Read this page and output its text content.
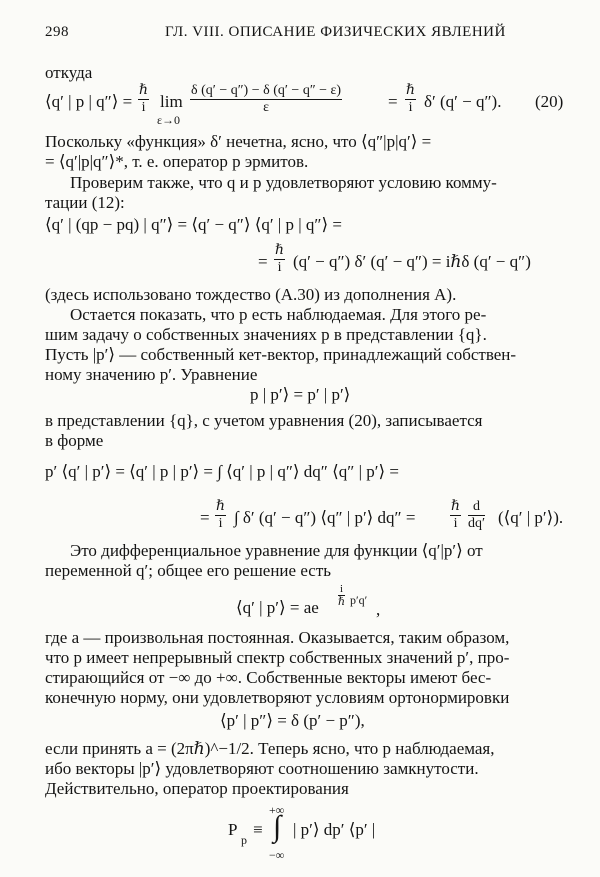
298	ГЛ. VIII. ОПИСАНИЕ ФИЗИЧЕСКИХ ЯВЛЕНИЙ
откуда
⟨q′ | p | q″⟩ = $\frac{\text{ℏ}}{i}$ lim
ε→0
$\frac{\delta (q' - q'') - \delta (q' - q'' - \varepsilon)}{\varepsilon}$	= $\frac{\text{ℏ}}{i} \delta'$ (q′ − q″). (20)
Поскольку «функция» δ′ нечетна, ясно, что ⟨q″|p|q′⟩ =
= ⟨q′|p|q″⟩*, т. е. оператор p эрмитов.
Проверим также, что q и p удовлетворяют условию комму-
тации (12):
⟨q′ | (qp − pq) | q″⟩ = ⟨q′ − q″⟩ ⟨q′ | p | q″⟩ =
= $\frac{\text{ℏ}}{i} (q' - q'')$ δ′ (q′ − q″) = iℏδ (q′ − q″)
(здесь использовано тождество (A.30) из дополнения A).
Остается показать, что p есть наблюдаемая. Для этого ре-
шим задачу о собственных значениях p в представлении {q}.
Пусть |p′⟩ — собственный кет-вектор, принадлежащий собствен-
ному значению p′. Уравнение
p | p′⟩ = p′ | p′⟩
в представлении {q}, с учетом уравнения (20), записывается
в форме
p′ ⟨q′ | p′⟩ = ⟨q′ | p | p′⟩ = ∫ ⟨q′ | p | q″⟩ dq″ ⟨q″ | p′⟩ =
= $\frac{\text{ℏ}}{i}$ ∫ δ′ (q′ − q″) ⟨q″ | p′⟩ $dq'' = \frac{\text{ℏ}}{i} \frac{d}{dq'}$ (⟨q′ | p′⟩).
Это дифференциальное уравнение для функции ⟨q′|p′⟩ от
переменной q′; общее его решение есть
⟨q′ | p′⟩ = ae $\frac{i}{\text{ℏ}} p'q'$ ,
где a — произвольная постоянная. Оказывается, таким образом,
что p имеет непрерывный спектр собственных значений p′, про-
стирающийся от −∞ до +∞. Собственные векторы имеют бес-
конечную норму, они удовлетворяют условиям ортонормировки
⟨p′ | p″⟩ = δ (p′ − p″),
если принять a = (2πℏ)^−1/2. Теперь ясно, что p наблюдаемая,
ибо векторы |p′⟩ удовлетворяют соотношению замкнутости.
Действительно, оператор проектирования
P
p
≡
+∞
∫
−∞
| p′⟩ dp′ ⟨p′ |
